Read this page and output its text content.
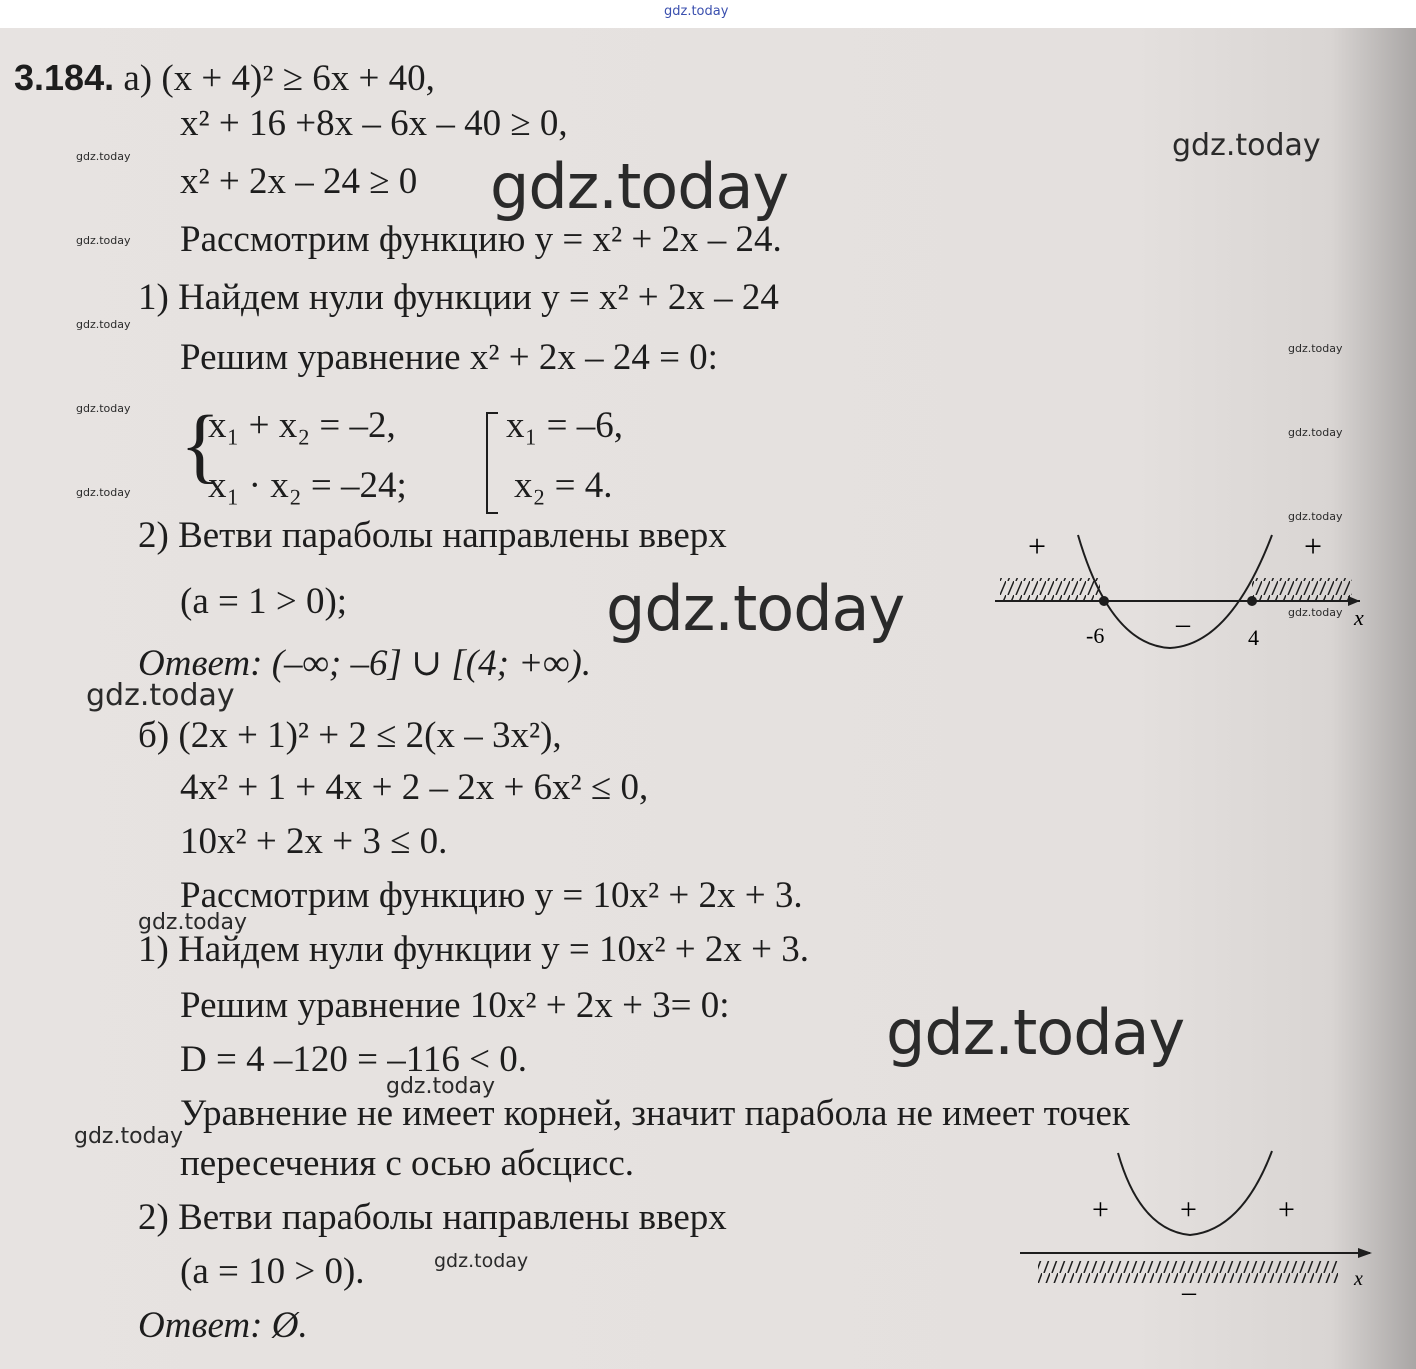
gdz.today
3.184. а) (x + 4)² ≥ 6x + 40,
x² + 16 +8x – 6x – 40 ≥ 0,
x² + 2x – 24 ≥ 0
Рассмотрим функцию y = x² + 2x – 24.
1) Найдем нули функции y = x² + 2x – 24
Решим уравнение x² + 2x – 24 = 0:
{
x₁ + x₂ = –2,
x₁ · x₂ = –24;
x₁ = –6,
x₂ = 4.
2) Ветви параболы направлены вверх
(a = 1 > 0);
Ответ: (–∞; –6] ∪ [(4; +∞).
+	+
–
-6	4
x
б) (2x + 1)² + 2 ≤ 2(x – 3x²),
4x² + 1 + 4x + 2 – 2x + 6x² ≤ 0,
10x² + 2x + 3 ≤ 0.
Рассмотрим функцию y = 10x² + 2x + 3.
1) Найдем нули функции y = 10x² + 2x + 3.
Решим уравнение 10x² + 2x + 3= 0:
D = 4 –120 = –116 < 0.
Уравнение не имеет корней, значит парабола не имеет точек
пересечения с осью абсцисс.
2) Ветви параболы направлены вверх
(a = 10 > 0).
Ответ: Ø.
+ +	+
x
–
gdz.today
gdz.today
gdz.today
gdz.today
gdz.today
gdz.today
gdz.today
gdz.today
gdz.today
gdz.today
gdz.today
gdz.today
gdz.today
gdz.today
gdz.today
gdz.today
gdz.today
gdz.today
